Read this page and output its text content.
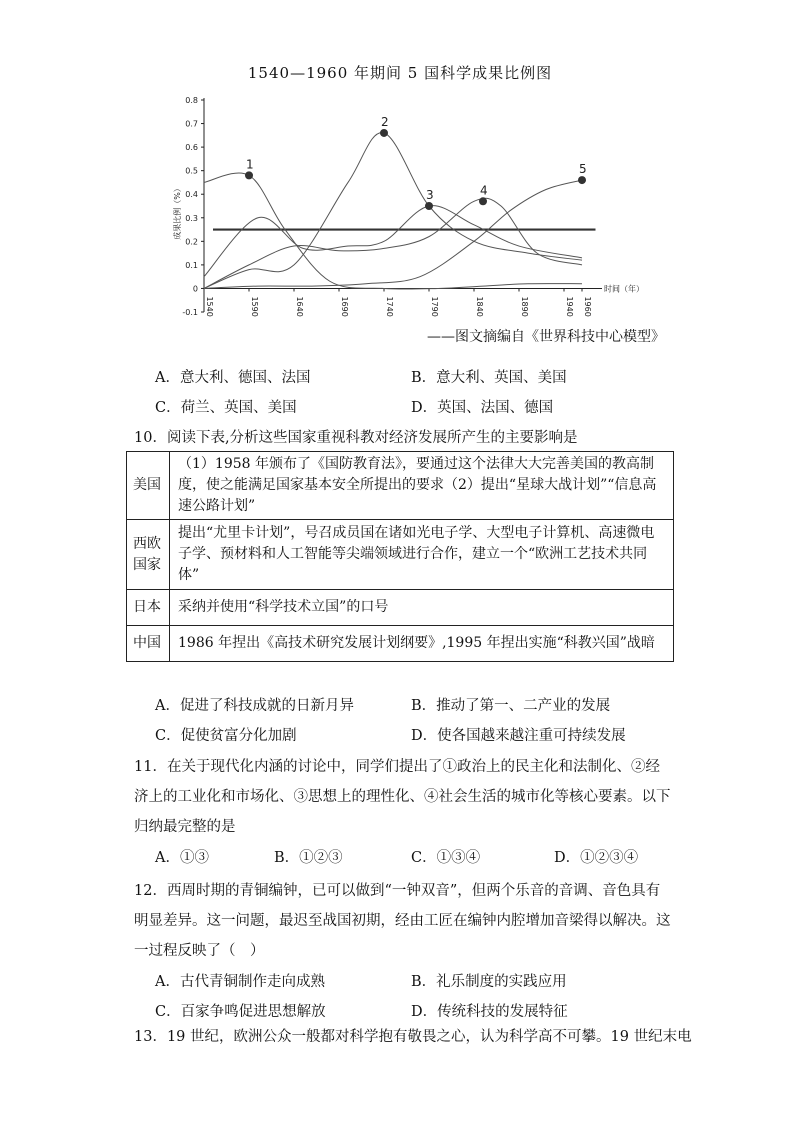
1540—1960 年期间 5 国科学成果比例图
-0.1
0
0.1
0.2
0.3
0.4
0.5
0.6
0.7
0.8
1540	1590	1640	1690	1740	1790	1840	1890	1940 1960
成果比例（%）
时间（年）
1
2
3	4
5
——图文摘编自《世界科技中心模型》
A．意大利、德国、法国	B．意大利、英国、美国
C．荷兰、英国、美国	D．英国、法国、德国
10．阅读下表,分析这些国家重视科教对经济发展所产生的主要影响是
美国	（1）1958 年颁布了《国防教育法》，要通过这个法律大大完善美国的教高制度，使之能满足国家基本安全所提出的要求（2）提出“星球大战计划”“信息高速公路计划”
西欧国家	提出“尤里卡计划”，号召成员国在诸如光电子学、大型电子计算机、高速微电子学、预材料和人工智能等尖端领域进行合作，建立一个“欧洲工艺技术共同体”
日本	采纳并使用“科学技术立国”的口号
中国	1986 年捏出《高技术研究发展计划纲要》,1995 年捏出实施“科教兴国”战暗
A．促进了科技成就的日新月异	B．推动了第一、二产业的发展
C．促使贫富分化加剧	D．使各国越来越注重可持续发展
11．在关于现代化内涵的讨论中，同学们提出了①政治上的民主化和法制化、②经济上的工业化和市场化、③思想上的理性化、④社会生活的城市化等核心要素。以下归纳最完整的是
A．①③	B．①②③	C．①③④	D．①②③④
12．西周时期的青铜编钟，已可以做到“一钟双音”，但两个乐音的音调、音色具有明显差异。这一问题，最迟至战国初期，经由工匠在编钟内腔增加音梁得以解决。这一过程反映了（　）
A．古代青铜制作走向成熟	B．礼乐制度的实践应用
C．百家争鸣促进思想解放	D．传统科技的发展特征
13．19 世纪，欧洲公众一般都对科学抱有敬畏之心，认为科学高不可攀。19 世纪末电
